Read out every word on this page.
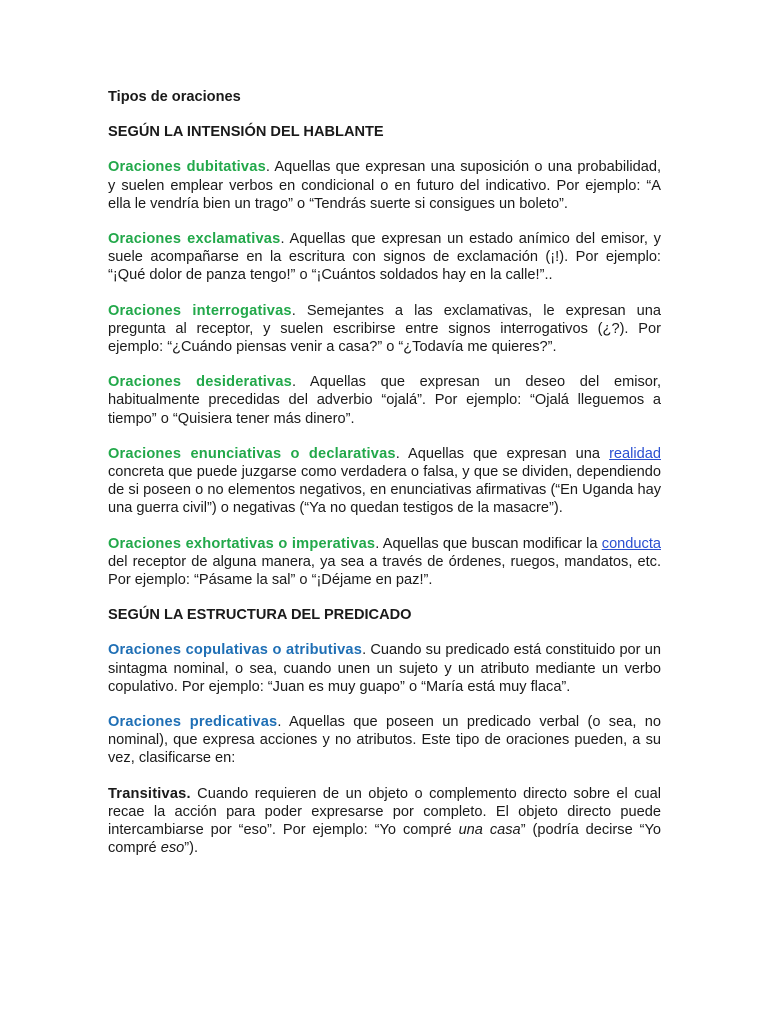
Tipos de oraciones

SEGÚN LA INTENSIÓN DEL HABLANTE

Oraciones dubitativas. Aquellas que expresan una suposición o una probabilidad, y suelen emplear verbos en condicional o en futuro del indicativo. Por ejemplo: “A ella le vendría bien un trago” o “Tendrás suerte si consigues un boleto”.

Oraciones exclamativas. Aquellas que expresan un estado anímico del emisor, y suele acompañarse en la escritura con signos de exclamación (¡!). Por ejemplo: “¡Qué dolor de panza tengo!” o “¡Cuántos soldados hay en la calle!”..

Oraciones interrogativas. Semejantes a las exclamativas, le expresan una pregunta al receptor, y suelen escribirse entre signos interrogativos (¿?). Por ejemplo: “¿Cuándo piensas venir a casa?” o “¿Todavía me quieres?”.

Oraciones desiderativas. Aquellas que expresan un deseo del emisor, habitualmente precedidas del adverbio “ojalá”. Por ejemplo: “Ojalá lleguemos a tiempo” o “Quisiera tener más dinero”.

Oraciones enunciativas o declarativas. Aquellas que expresan una realidad concreta que puede juzgarse como verdadera o falsa, y que se dividen, dependiendo de si poseen o no elementos negativos, en enunciativas afirmativas (“En Uganda hay una guerra civil”) o negativas (“Ya no quedan testigos de la masacre”).

Oraciones exhortativas o imperativas. Aquellas que buscan modificar la conducta del receptor de alguna manera, ya sea a través de órdenes, ruegos, mandatos, etc. Por ejemplo: “Pásame la sal” o “¡Déjame en paz!”.

SEGÚN LA ESTRUCTURA DEL PREDICADO

Oraciones copulativas o atributivas. Cuando su predicado está constituido por un sintagma nominal, o sea, cuando unen un sujeto y un atributo mediante un verbo copulativo. Por ejemplo: “Juan es muy guapo” o “María está muy flaca”.

Oraciones predicativas. Aquellas que poseen un predicado verbal (o sea, no nominal), que expresa acciones y no atributos. Este tipo de oraciones pueden, a su vez, clasificarse en:

Transitivas. Cuando requieren de un objeto o complemento directo sobre el cual recae la acción para poder expresarse por completo. El objeto directo puede intercambiarse por “eso”. Por ejemplo: “Yo compré una casa” (podría decirse “Yo compré eso”).
